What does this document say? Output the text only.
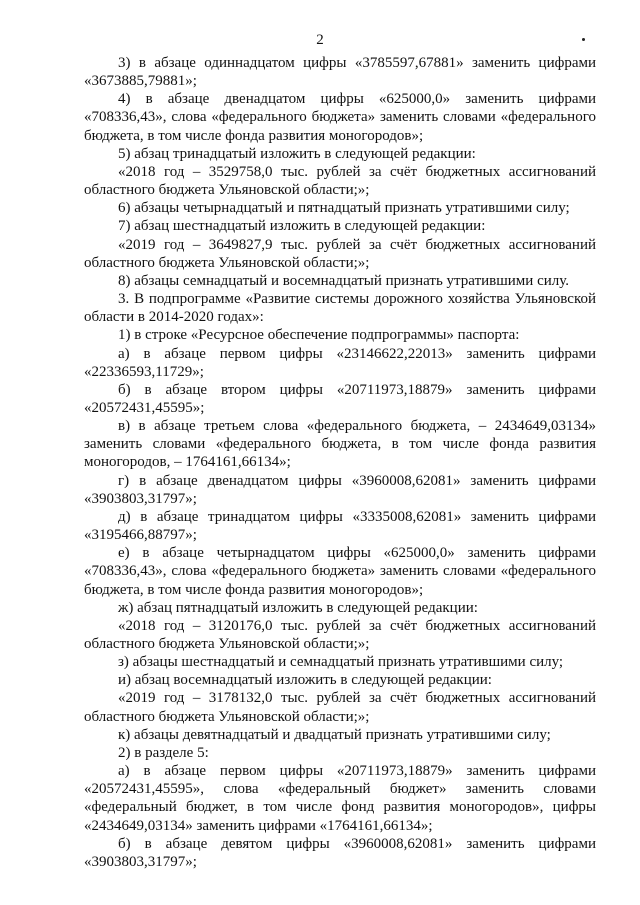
2

3) в абзаце одиннадцатом цифры «3785597,67881» заменить цифрами «3673885,79881»;

4) в абзаце двенадцатом цифры «625000,0» заменить цифрами «708336,43», слова «федерального бюджета» заменить словами «федерального бюджета, в том числе фонда развития моногородов»;

5) абзац тринадцатый изложить в следующей редакции:

«2018 год – 3529758,0 тыс. рублей за счёт бюджетных ассигнований областного бюджета Ульяновской области;»;

6) абзацы четырнадцатый и пятнадцатый признать утратившими силу;

7) абзац шестнадцатый изложить в следующей редакции:

«2019 год – 3649827,9 тыс. рублей за счёт бюджетных ассигнований областного бюджета Ульяновской области;»;

8) абзацы семнадцатый и восемнадцатый признать утратившими силу.

3. В подпрограмме «Развитие системы дорожного хозяйства Ульяновской области в 2014-2020 годах»:

1) в строке «Ресурсное обеспечение подпрограммы» паспорта:

а) в абзаце первом цифры «23146622,22013» заменить цифрами «22336593,11729»;

б) в абзаце втором цифры «20711973,18879» заменить цифрами «20572431,45595»;

в) в абзаце третьем слова «федерального бюджета, – 2434649,03134» заменить словами «федерального бюджета, в том числе фонда развития моногородов, – 1764161,66134»;

г) в абзаце двенадцатом цифры «3960008,62081» заменить цифрами «3903803,31797»;

д) в абзаце тринадцатом цифры «3335008,62081» заменить цифрами «3195466,88797»;

е) в абзаце четырнадцатом цифры «625000,0» заменить цифрами «708336,43», слова «федерального бюджета» заменить словами «федерального бюджета, в том числе фонда развития моногородов»;

ж) абзац пятнадцатый изложить в следующей редакции:

«2018 год – 3120176,0 тыс. рублей за счёт бюджетных ассигнований областного бюджета Ульяновской области;»;

з) абзацы шестнадцатый и семнадцатый признать утратившими силу;

и) абзац восемнадцатый изложить в следующей редакции:

«2019 год – 3178132,0 тыс. рублей за счёт бюджетных ассигнований областного бюджета Ульяновской области;»;

к) абзацы девятнадцатый и двадцатый признать утратившими силу;

2) в разделе 5:

а) в абзаце первом цифры «20711973,18879» заменить цифрами «20572431,45595», слова «федеральный бюджет» заменить словами «федеральный бюджет, в том числе фонд развития моногородов», цифры «2434649,03134» заменить цифрами «1764161,66134»;

б) в абзаце девятом цифры «3960008,62081» заменить цифрами «3903803,31797»;
